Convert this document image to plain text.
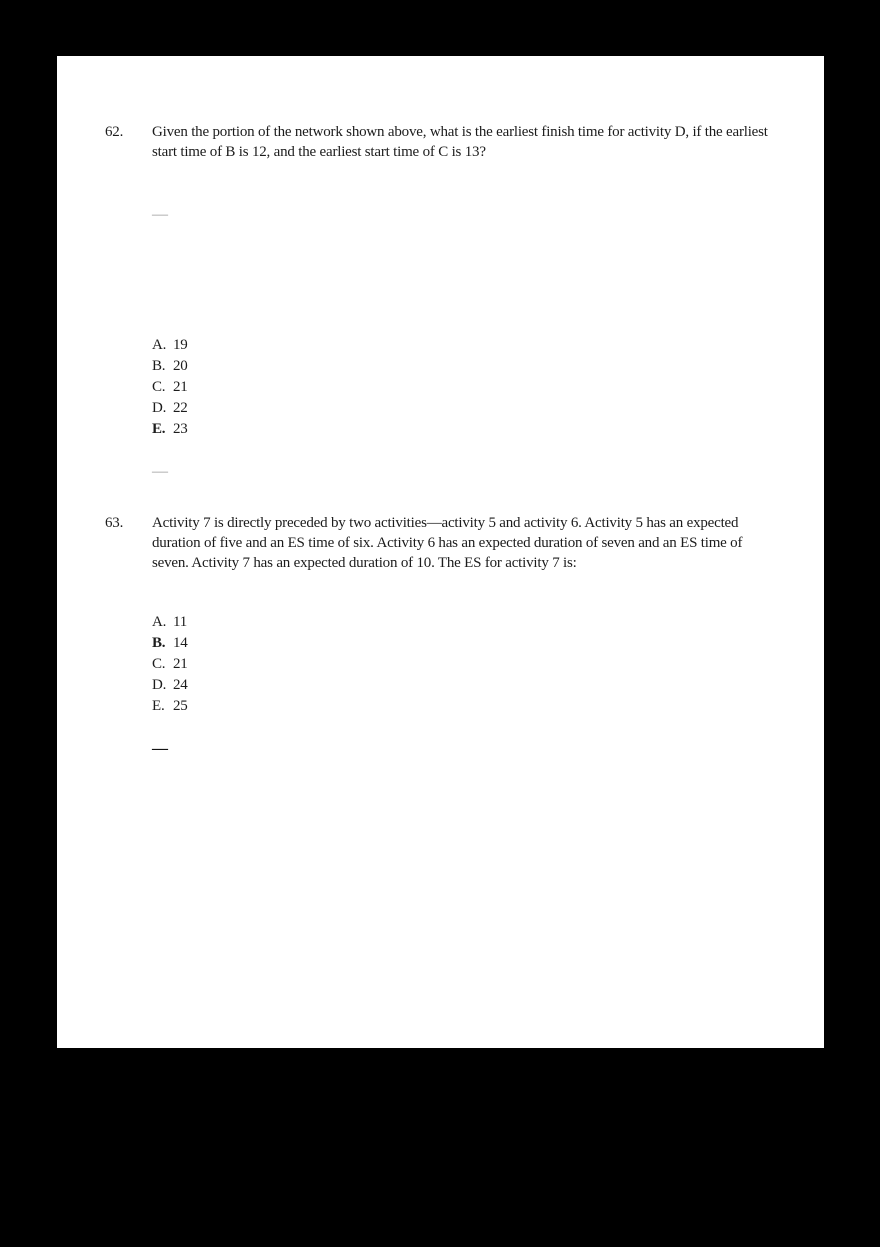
62.	Given the portion of the network shown above, what is the earliest finish time for activity D, if the earliest start time of B is 12, and the earliest start time of C is 13?
—
A. 19
B. 20
C. 21
D. 22
E. 23
—
63.	Activity 7 is directly preceded by two activities—activity 5 and activity 6. Activity 5 has an expected duration of five and an ES time of six. Activity 6 has an expected duration of seven and an ES time of seven. Activity 7 has an expected duration of 10. The ES for activity 7 is:
A. 11
B. 14
C. 21
D. 24
E. 25
—
